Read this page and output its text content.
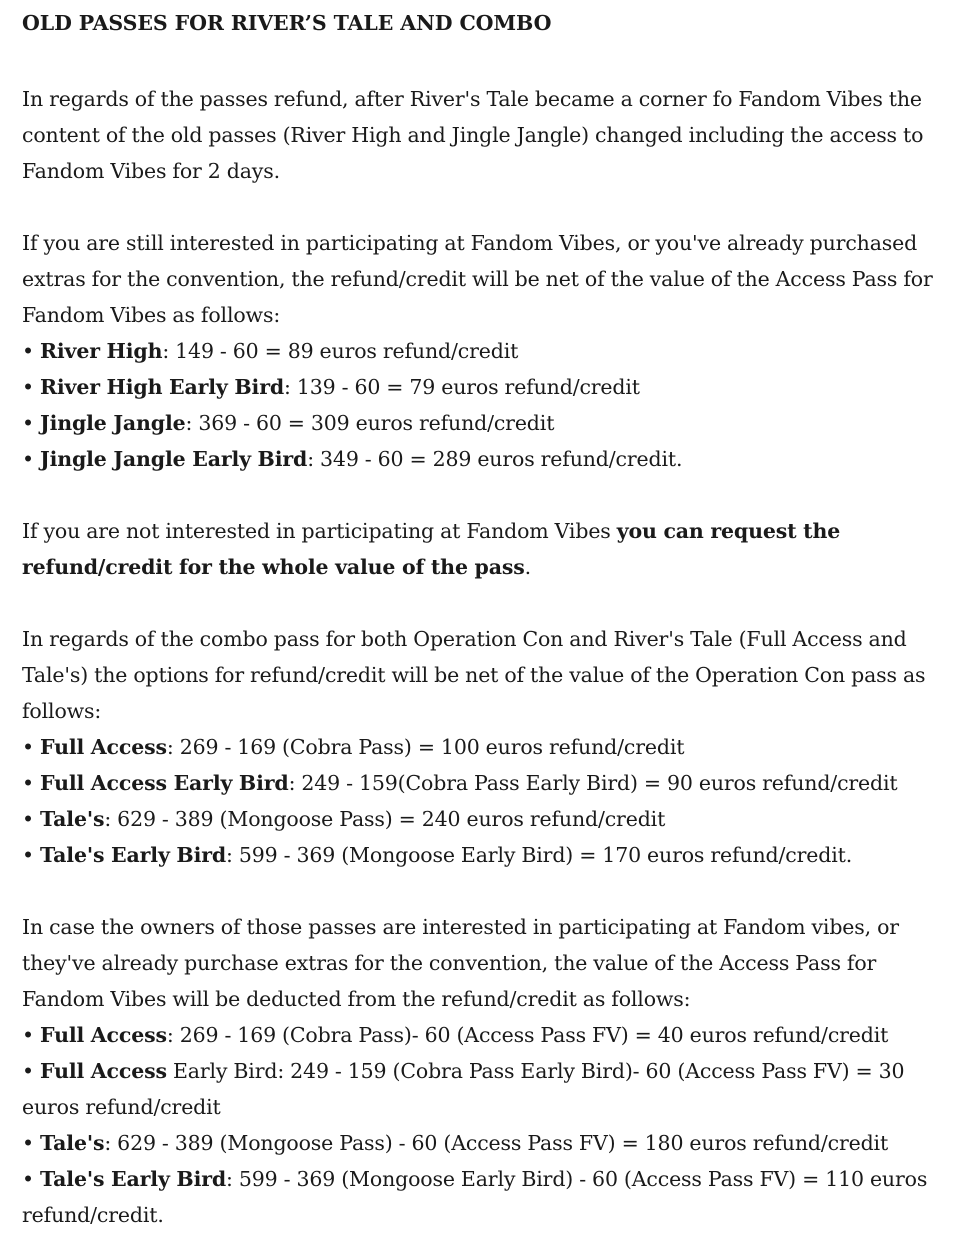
OLD PASSES FOR RIVER’S TALE AND COMBO

In regards of the passes refund, after River's Tale became a corner fo Fandom Vibes the content of the old passes (River High and Jingle Jangle) changed including the access to Fandom Vibes for 2 days.

If you are still interested in participating at Fandom Vibes, or you've already purchased extras for the convention, the refund/credit will be net of the value of the Access Pass for Fandom Vibes as follows:
• River High: 149 - 60 = 89 euros refund/credit
• River High Early Bird: 139 - 60 = 79 euros refund/credit
• Jingle Jangle: 369 - 60 = 309 euros refund/credit
• Jingle Jangle Early Bird: 349 - 60 = 289 euros refund/credit.

If you are not interested in participating at Fandom Vibes you can request the refund/credit for the whole value of the pass.

In regards of the combo pass for both Operation Con and River's Tale (Full Access and Tale's) the options for refund/credit will be net of the value of the Operation Con pass as follows:
• Full Access: 269 - 169 (Cobra Pass) = 100 euros refund/credit
• Full Access Early Bird: 249 - 159(Cobra Pass Early Bird) = 90 euros refund/credit
• Tale's: 629 - 389 (Mongoose Pass) = 240 euros refund/credit
• Tale's Early Bird: 599 - 369 (Mongoose Early Bird) = 170 euros refund/credit.

In case the owners of those passes are interested in participating at Fandom vibes, or they've already purchase extras for the convention, the value of the Access Pass for Fandom Vibes will be deducted from the refund/credit as follows:
• Full Access: 269 - 169 (Cobra Pass)- 60 (Access Pass FV) = 40 euros refund/credit
• Full Access Early Bird: 249 - 159 (Cobra Pass Early Bird)- 60 (Access Pass FV) = 30 euros refund/credit
• Tale's: 629 - 389 (Mongoose Pass) - 60 (Access Pass FV) = 180 euros refund/credit
• Tale's Early Bird: 599 - 369 (Mongoose Early Bird) - 60 (Access Pass FV) = 110 euros refund/credit.
